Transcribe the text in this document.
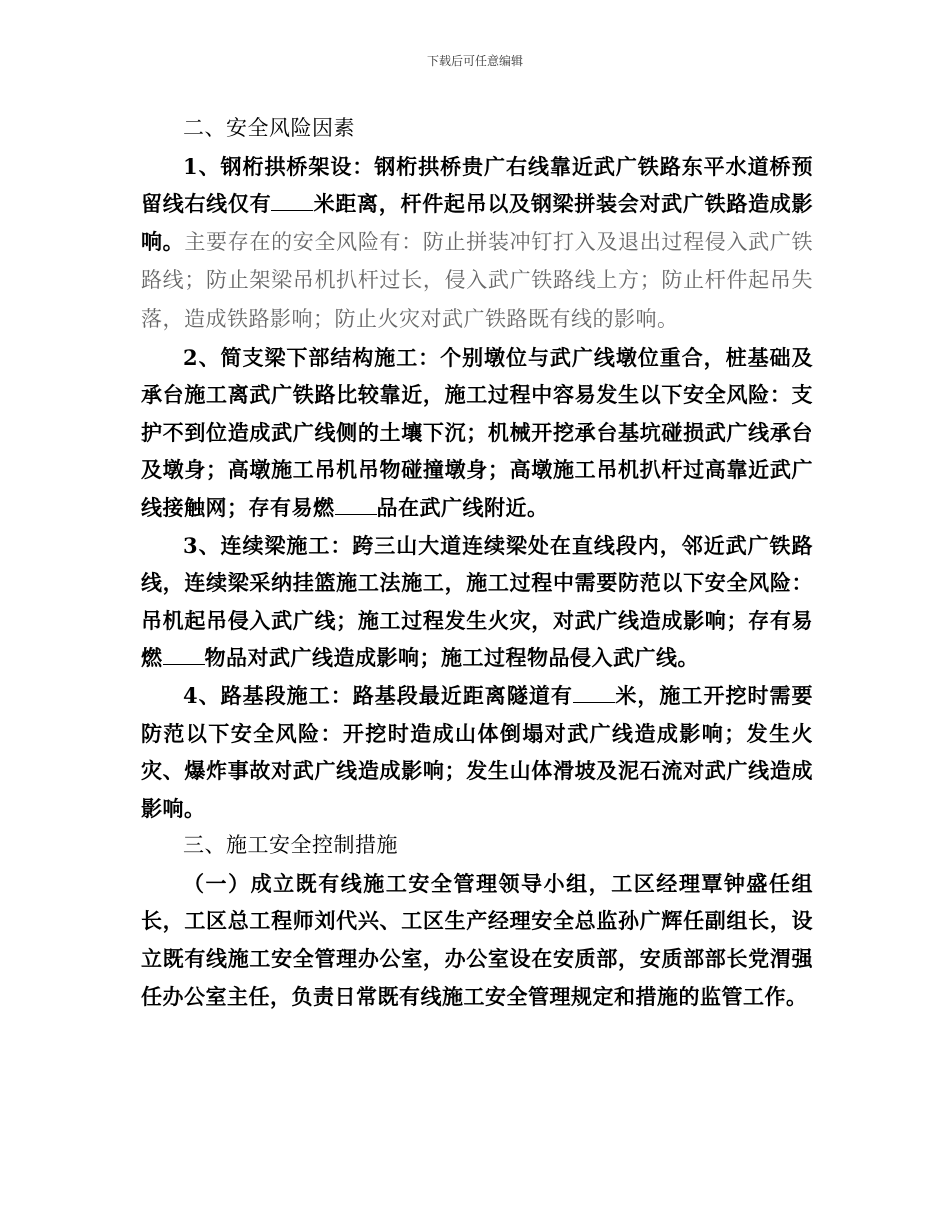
下载后可任意编辑

二、安全风险因素

1、钢桁拱桥架设：钢桁拱桥贵广右线靠近武广铁路东平水道桥预留线右线仅有 米距离，杆件起吊以及钢梁拼装会对武广铁路造成影响。主要存在的安全风险有：防止拼装冲钉打入及退出过程侵入武广铁路线；防止架梁吊机扒杆过长，侵入武广铁路线上方；防止杆件起吊失落，造成铁路影响；防止火灾对武广铁路既有线的影响。

2、简支梁下部结构施工：个别墩位与武广线墩位重合，桩基础及承台施工离武广铁路比较靠近，施工过程中容易发生以下安全风险：支护不到位造成武广线侧的土壤下沉；机械开挖承台基坑碰损武广线承台及墩身；高墩施工吊机吊物碰撞墩身；高墩施工吊机扒杆过高靠近武广线接触网；存有易燃 品在武广线附近。

3、连续梁施工：跨三山大道连续梁处在直线段内，邻近武广铁路线，连续梁采纳挂篮施工法施工，施工过程中需要防范以下安全风险：吊机起吊侵入武广线；施工过程发生火灾，对武广线造成影响；存有易燃 物品对武广线造成影响；施工过程物品侵入武广线。

4、路基段施工：路基段最近距离隧道有 米，施工开挖时需要防范以下安全风险：开挖时造成山体倒塌对武广线造成影响；发生火灾、爆炸事故对武广线造成影响；发生山体滑坡及泥石流对武广线造成影响。

三、施工安全控制措施

（一）成立既有线施工安全管理领导小组，工区经理覃钟盛任组长，工区总工程师刘代兴、工区生产经理安全总监孙广辉任副组长，设立既有线施工安全管理办公室，办公室设在安质部，安质部部长党渭强任办公室主任，负责日常既有线施工安全管理规定和措施的监管工作。
